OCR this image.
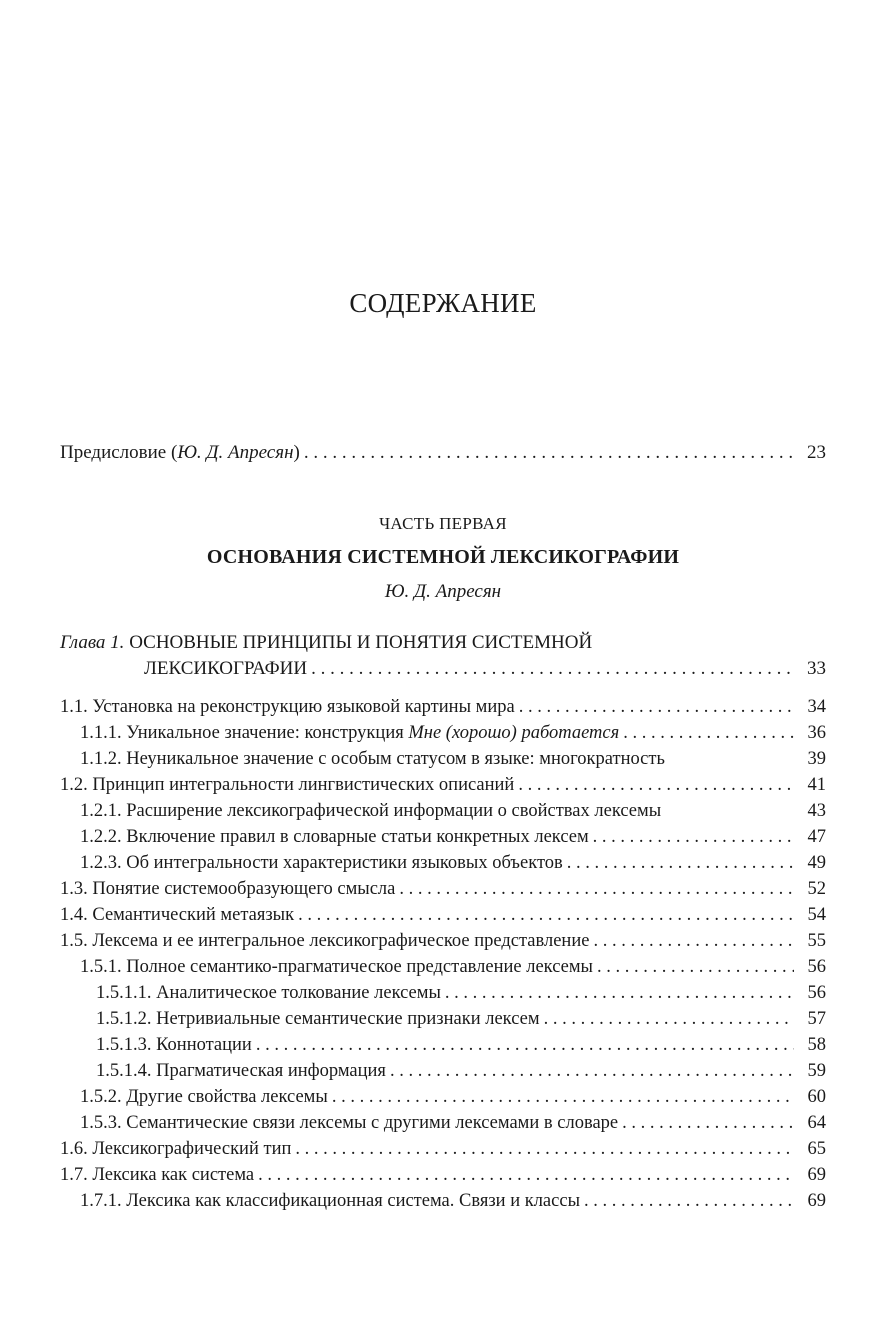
СОДЕРЖАНИЕ
Предисловие (Ю. Д. Апресян) . . .	23
ЧАСТЬ ПЕРВАЯ
ОСНОВАНИЯ СИСТЕМНОЙ ЛЕКСИКОГРАФИИ
Ю. Д. Апресян
Глава 1. ОСНОВНЫЕ ПРИНЦИПЫ И ПОНЯТИЯ СИСТЕМНОЙ
ЛЕКСИКОГРАФИИ . . .	33
1.1. Установка на реконструкцию языковой картины мира . . .	34
1.1.1. Уникальное значение: конструкция Мне (хорошо) работается . . .	36
1.1.2. Неуникальное значение с особым статусом в языке: многократность	39
1.2. Принцип интегральности лингвистических описаний . . .	41
1.2.1. Расширение лексикографической информации о свойствах лексемы	43
1.2.2. Включение правил в словарные статьи конкретных лексем . . .	47
1.2.3. Об интегральности характеристики языковых объектов . . .	49
1.3. Понятие системообразующего смысла . . .	52
1.4. Семантический метаязык . . .	54
1.5. Лексема и ее интегральное лексикографическое представление . . .	55
1.5.1. Полное семантико-прагматическое представление лексемы . . .	56
1.5.1.1. Аналитическое толкование лексемы . . .	56
1.5.1.2. Нетривиальные семантические признаки лексем . . .	57
1.5.1.3. Коннотации . . .	58
1.5.1.4. Прагматическая информация . . .	59
1.5.2. Другие свойства лексемы . . .	60
1.5.3. Семантические связи лексемы с другими лексемами в словаре . . .	64
1.6. Лексикографический тип . . .	65
1.7. Лексика как система . . .	69
1.7.1. Лексика как классификационная система. Связи и классы . . .	69
